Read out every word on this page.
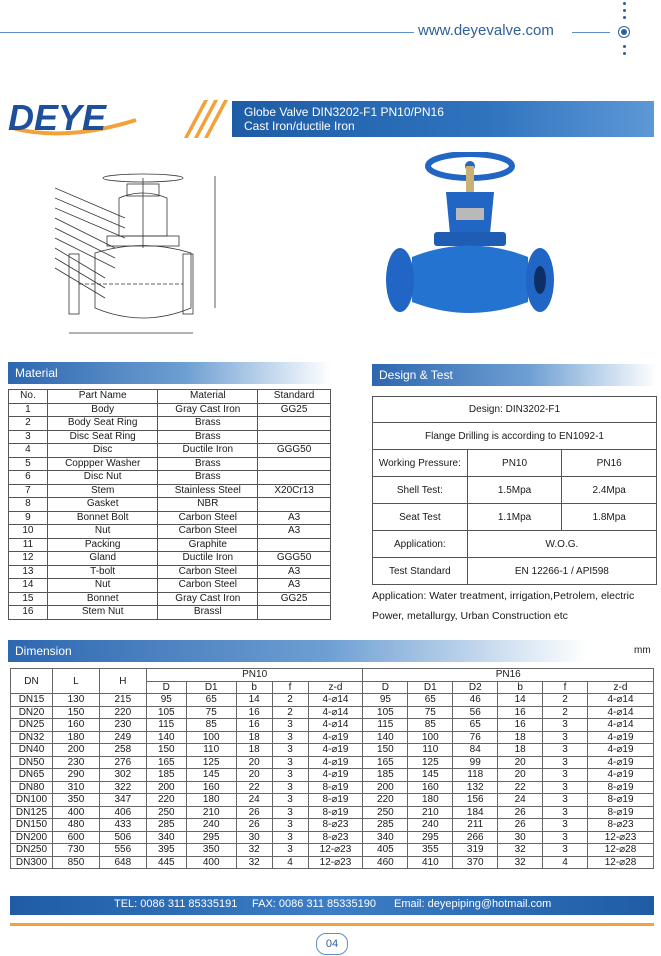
www.deyevalve.com
DEYE	Globe Valve DIN3202-F1 PN10/PN16
Cast Iron/ductile Iron
Material
No.	Part Name	Material	Standard
1	Body	Gray Cast Iron	GG25
2	Body Seat Ring	Brass	
3	Disc Seat Ring	Brass	
4	Disc	Ductile Iron	GGG50
5	Coppper Washer	Brass	
6	Disc Nut	Brass	
7	Stem	Stainless Steel	X20Cr13
8	Gasket	NBR	
9	Bonnet Bolt	Carbon Steel	A3
10	Nut	Carbon Steel	A3
11	Packing	Graphite	
12	Gland	Ductile Iron	GGG50
13	T-bolt	Carbon Steel	A3
14	Nut	Carbon Steel	A3
15	Bonnet	Gray Cast Iron	GG25
16	Stem Nut	Brassl	
Design & Test
Design: DIN3202-F1		
Flange Drilling is according to EN1092-1		
Working Pressure:	PN10	PN16
Shell Test:	1.5Mpa	2.4Mpa
Seat Test	1.1Mpa	1.8Mpa
Application:	W.O.G.	
Test Standard	EN 12266-1 / API598	
Application: Water treatment, irrigation,Petrolem, electric Power, metallurgy, Urban Construction etc
Dimension	mm
DN	L	H	PN10					PN16					
			D	D1	b	f	z-d	D	D1	D2	b	f	z-d
DN15	130	215	95	65	14	2	4-⌀14	95	65	46	14	2	4-⌀14
DN20	150	220	105	75	16	2	4-⌀14	105	75	56	16	2	4-⌀14
DN25	160	230	115	85	16	3	4-⌀14	115	85	65	16	3	4-⌀14
DN32	180	249	140	100	18	3	4-⌀19	140	100	76	18	3	4-⌀19
DN40	200	258	150	110	18	3	4-⌀19	150	110	84	18	3	4-⌀19
DN50	230	276	165	125	20	3	4-⌀19	165	125	99	20	3	4-⌀19
DN65	290	302	185	145	20	3	4-⌀19	185	145	118	20	3	4-⌀19
DN80	310	322	200	160	22	3	8-⌀19	200	160	132	22	3	8-⌀19
DN100	350	347	220	180	24	3	8-⌀19	220	180	156	24	3	8-⌀19
DN125	400	406	250	210	26	3	8-⌀19	250	210	184	26	3	8-⌀19
DN150	480	433	285	240	26	3	8-⌀23	285	240	211	26	3	8-⌀23
DN200	600	506	340	295	30	3	8-⌀23	340	295	266	30	3	12-⌀23
DN250	730	556	395	350	32	3	12-⌀23	405	355	319	32	3	12-⌀28
DN300	850	648	445	400	32	4	12-⌀23	460	410	370	32	4	12-⌀28
TEL: 0086 311 85335191 FAX: 0086 311 85335190 Email: deyepiping@hotmail.com
04
